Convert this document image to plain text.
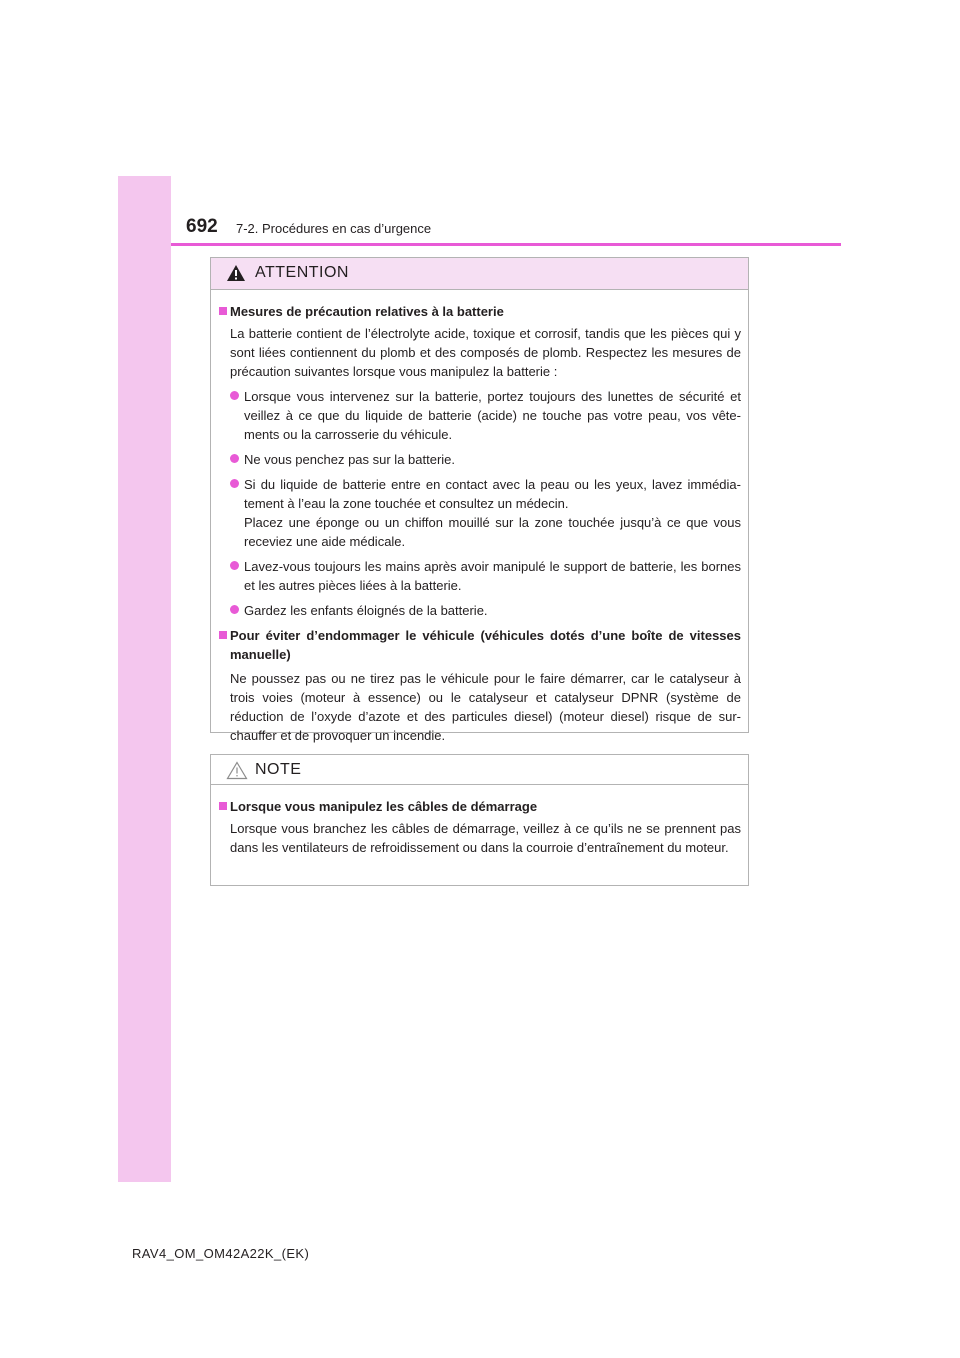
692 7-2. Procédures en cas d’urgence
ATTENTION
Mesures de précaution relatives à la batterie
La batterie contient de l’électrolyte acide, toxique et corrosif, tandis que les pièces qui y sont liées contiennent du plomb et des composés de plomb. Respectez les mesures de précaution suivantes lorsque vous manipulez la batterie :
Lorsque vous intervenez sur la batterie, portez toujours des lunettes de sécurité et veillez à ce que du liquide de batterie (acide) ne touche pas votre peau, vos vêtements ou la carrosserie du véhicule.
Ne vous penchez pas sur la batterie.
Si du liquide de batterie entre en contact avec la peau ou les yeux, lavez immédiatement à l’eau la zone touchée et consultez un médecin.
Placez une éponge ou un chiffon mouillé sur la zone touchée jusqu’à ce que vous receviez une aide médicale.
Lavez-vous toujours les mains après avoir manipulé le support de batterie, les bornes et les autres pièces liées à la batterie.
Gardez les enfants éloignés de la batterie.
Pour éviter d’endommager le véhicule (véhicules dotés d’une boîte de vitesses manuelle)
Ne poussez pas ou ne tirez pas le véhicule pour le faire démarrer, car le catalyseur à trois voies (moteur à essence) ou le catalyseur et catalyseur DPNR (système de réduction de l’oxyde d’azote et des particules diesel) (moteur diesel) risque de surchauffer et de provoquer un incendie.
NOTE
Lorsque vous manipulez les câbles de démarrage
Lorsque vous branchez les câbles de démarrage, veillez à ce qu’ils ne se prennent pas dans les ventilateurs de refroidissement ou dans la courroie d’entraînement du moteur.
RAV4_OM_OM42A22K_(EK)
